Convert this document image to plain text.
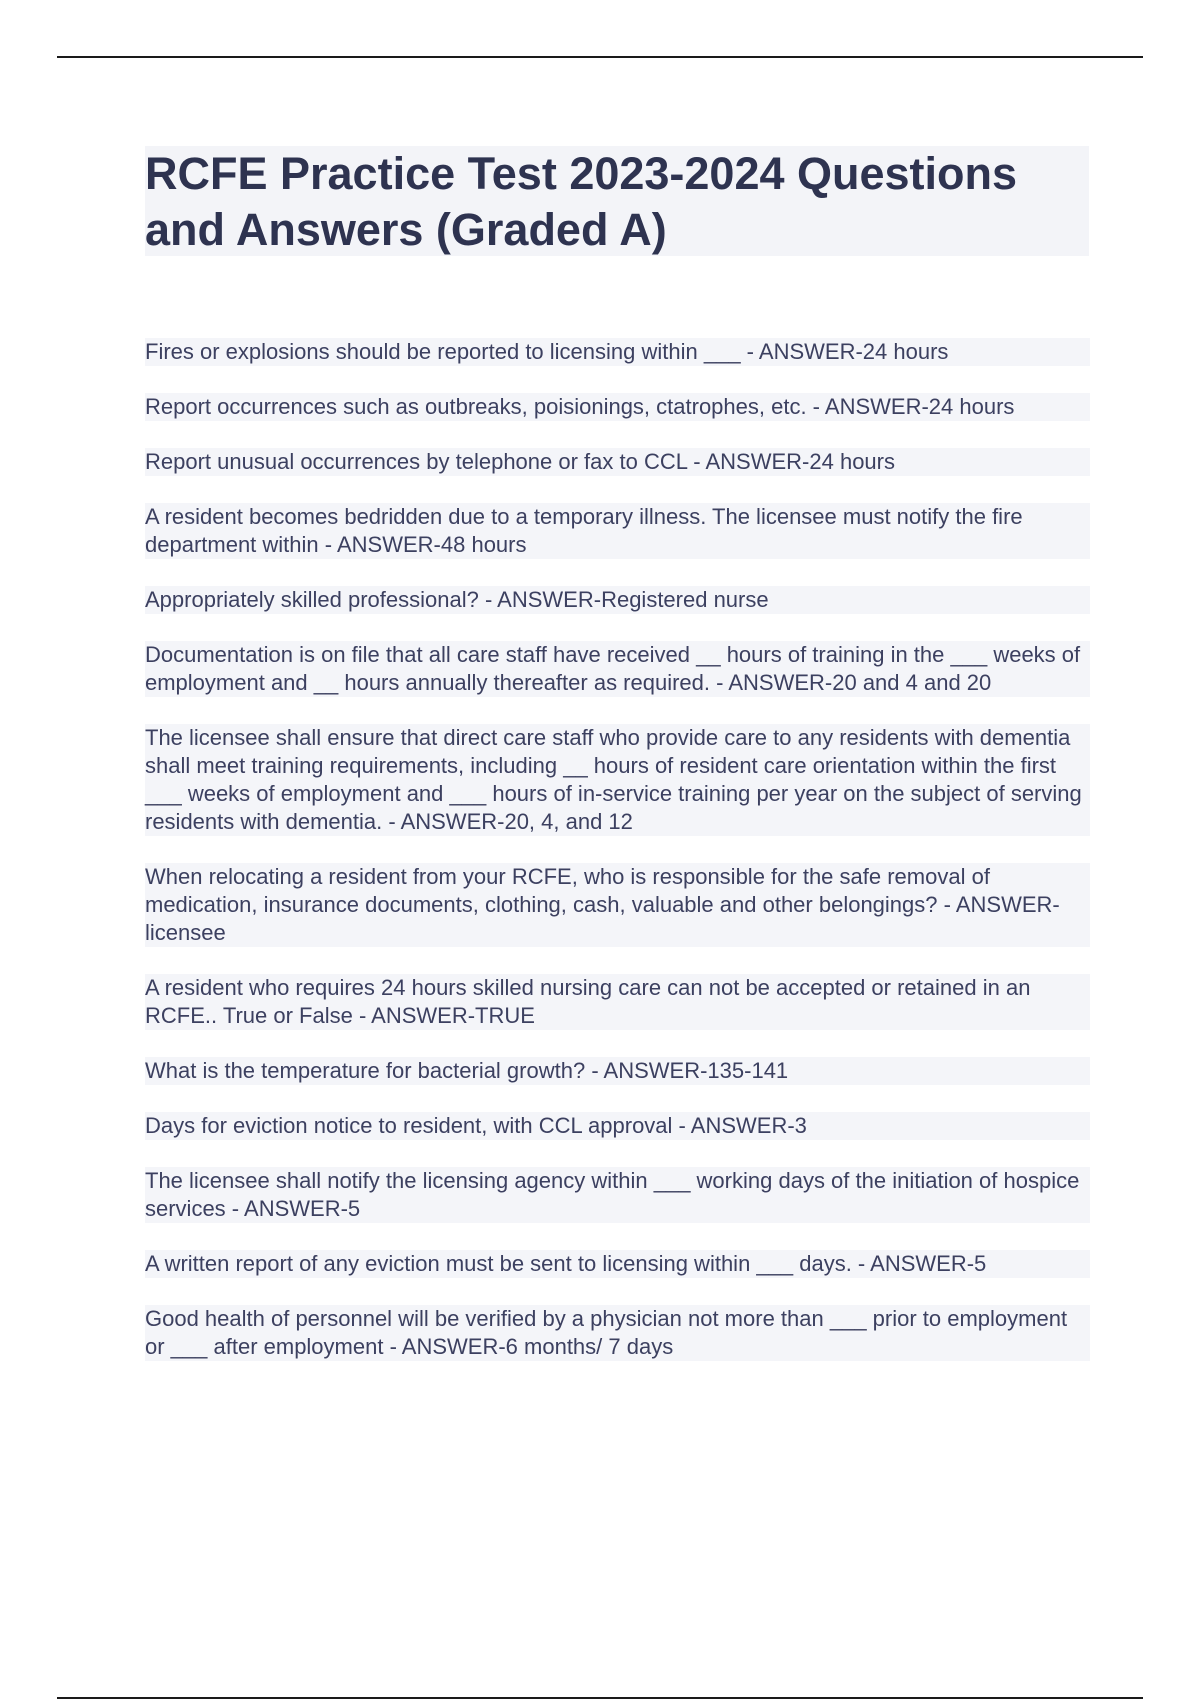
RCFE Practice Test 2023-2024 Questions and Answers (Graded A)
Fires or explosions should be reported to licensing within ___ - ANSWER-24 hours
Report occurrences such as outbreaks, poisionings, ctatrophes, etc. - ANSWER-24 hours
Report unusual occurrences by telephone or fax to CCL - ANSWER-24 hours
A resident becomes bedridden due to a temporary illness. The licensee must notify the fire department within - ANSWER-48 hours
Appropriately skilled professional? - ANSWER-Registered nurse
Documentation is on file that all care staff have received __ hours of training in the ___ weeks of employment and __ hours annually thereafter as required. - ANSWER-20 and 4 and 20
The licensee shall ensure that direct care staff who provide care to any residents with dementia shall meet training requirements, including __ hours of resident care orientation within the first ___ weeks of employment and ___ hours of in-service training per year on the subject of serving residents with dementia. - ANSWER-20, 4, and 12
When relocating a resident from your RCFE, who is responsible for the safe removal of medication, insurance documents, clothing, cash, valuable and other belongings? - ANSWER-licensee
A resident who requires 24 hours skilled nursing care can not be accepted or retained in an RCFE.. True or False - ANSWER-TRUE
What is the temperature for bacterial growth? - ANSWER-135-141
Days for eviction notice to resident, with CCL approval - ANSWER-3
The licensee shall notify the licensing agency within ___ working days of the initiation of hospice services - ANSWER-5
A written report of any eviction must be sent to licensing within ___ days. - ANSWER-5
Good health of personnel will be verified by a physician not more than ___ prior to employment or ___ after employment - ANSWER-6 months/ 7 days
